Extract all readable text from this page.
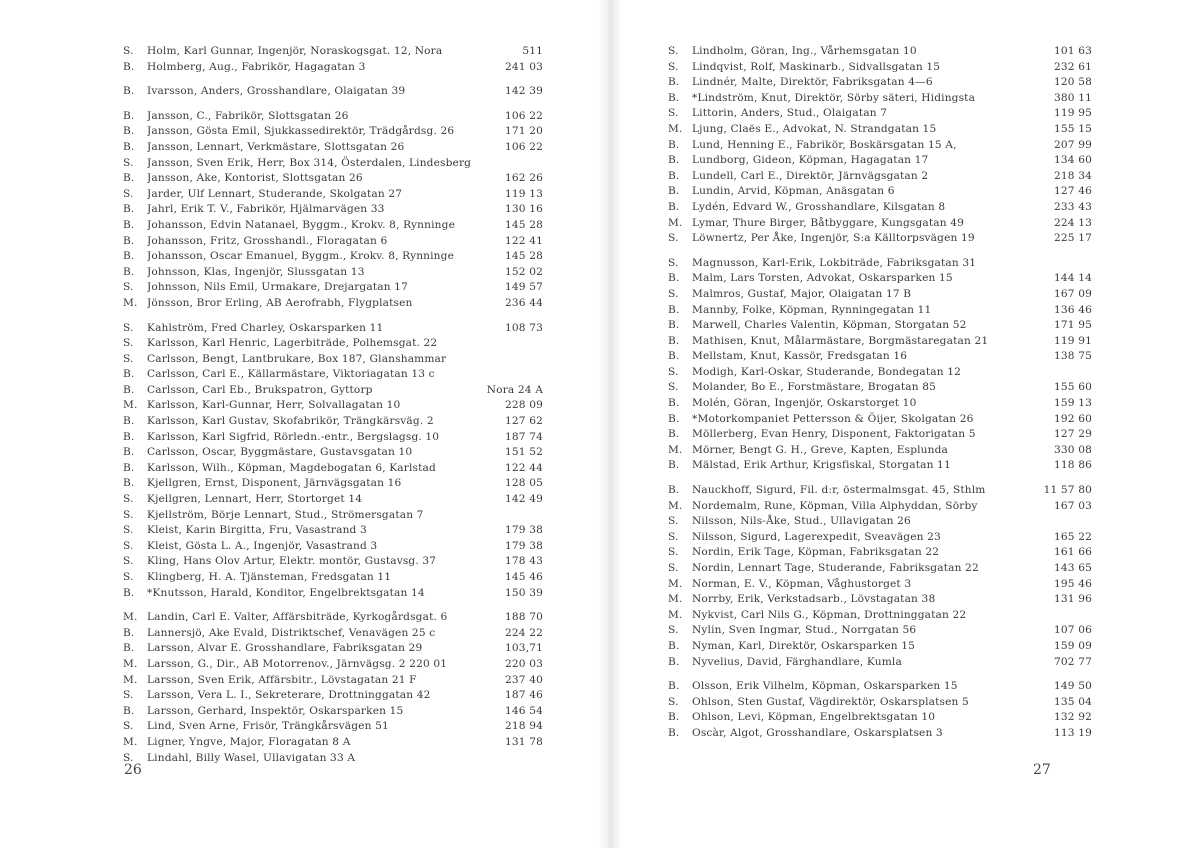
S.	Holm, Karl Gunnar, Ingenjör, Noraskogsgat. 12, Nora	511
B.	Holmberg, Aug., Fabrikör, Hagagatan 3	241 03
B.	Ivarsson, Anders, Grosshandlare, Olaigatan 39	142 39
B.	Jansson, C., Fabrikör, Slottsgatan 26	106 22
B.	Jansson, Gösta Emil, Sjukkassedirektör, Trädgårdsg. 26	171 20
B.	Jansson, Lennart, Verkmästare, Slottsgatan 26	106 22
S.	Jansson, Sven Erik, Herr, Box 314, Österdalen, Lindesberg
B.	Jansson, Ake, Kontorist, Slottsgatan 26	162 26
S.	Jarder, Ulf Lennart, Studerande, Skolgatan 27	119 13
B.	Jahrl, Erik T. V., Fabrikör, Hjälmarvägen 33	130 16
B.	Johansson, Edvin Natanael, Byggm., Krokv. 8, Rynninge	145 28
B.	Johansson, Fritz, Grosshandl., Floragatan 6	122 41
B.	Johansson, Oscar Emanuel, Byggm., Krokv. 8, Rynninge	145 28
B.	Johnsson, Klas, Ingenjör, Slussgatan 13	152 02
S.	Johnsson, Nils Emil, Urmakare, Drejargatan 17	149 57
M. Jönsson, Bror Erling, AB Aerofrabh, Flygplatsen	236 44
S.	Kahlström, Fred Charley, Oskarsparken 11	108 73
S.	Karlsson, Karl Henric, Lagerbiträde, Polhemsgat. 22
S.	Carlsson, Bengt, Lantbrukare, Box 187, Glanshammar
B.	Carlsson, Carl E., Källarmästare, Viktoriagatan 13 c
B.	Carlsson, Carl Eb., Brukspatron, Gyttorp	Nora 24 A
M. Karlsson, Karl-Gunnar, Herr, Solvallagatan 10	228 09
B.	Karlsson, Karl Gustav, Skofabrikör, Trängkärsväg. 2	127 62
B.	Karlsson, Karl Sigfrid, Rörledn.-entr., Bergslagsg. 10	187 74
B.	Carlsson, Oscar, Byggmästare, Gustavsgatan 10	151 52
B.	Karlsson, Wilh., Köpman, Magdebogatan 6, Karlstad	122 44
B.	Kjellgren, Ernst, Disponent, Järnvägsgatan 16	128 05
S.	Kjellgren, Lennart, Herr, Stortorget 14	142 49
S.	Kjellström, Börje Lennart, Stud., Strömersgatan 7
S.	Kleist, Karin Birgitta, Fru, Vasastrand 3	179 38
S.	Kleist, Gösta L. A., Ingenjör, Vasastrand 3	179 38
S.	Kling, Hans Olov Artur, Elektr. montör, Gustavsg. 37	178 43
S.	Klingberg, H. A. Tjänsteman, Fredsgatan 11	145 46
B.	*Knutsson, Harald, Konditor, Engelbrektsgatan 14	150 39
M. Landin, Carl E. Valter, Affärsbiträde, Kyrkogårdsgat. 6	188 70
B.	Lannersjö, Ake Evald, Distriktschef, Venavägen 25 c	224 22
B.	Larsson, Alvar E. Grosshandlare, Fabriksgatan 29	103,71
M. Larsson, G., Dir., AB Motorrenov., Järnvägsg. 2 220 01	220 03
M. Larsson, Sven Erik, Affärsbitr., Lövstagatan 21 F	237 40
S.	Larsson, Vera L. I., Sekreterare, Drottninggatan 42	187 46
B.	Larsson, Gerhard, Inspektör, Oskarsparken 15	146 54
S.	Lind, Sven Arne, Frisör, Trängkårsvägen 51	218 94
M. Ligner, Yngve, Major, Floragatan 8 A	131 78
S.	Lindahl, Billy Wasel, Ullavigatan 33 A
26
S.	Lindholm, Göran, Ing., Vårhemsgatan 10	101 63
S.	Lindqvist, Rolf, Maskinarb., Sidvallsgatan 15	232 61
B.	Lindnér, Malte, Direktör, Fabriksgatan 4—6	120 58
B.	*Lindström, Knut, Direktör, Sörby säteri, Hidingsta	380 11
S.	Littorin, Anders, Stud., Olaigatan 7	119 95
M. Ljung, Claës E., Advokat, N. Strandgatan 15	155 15
B.	Lund, Henning E., Fabrikör, Boskärsgatan 15 A,	207 99
B.	Lundborg, Gideon, Köpman, Hagagatan 17	134 60
B.	Lundell, Carl E., Direktör, Järnvägsgatan 2	218 34
B.	Lundin, Arvid, Köpman, Anäsgatan 6	127 46
B.	Lydén, Edvard W., Grosshandlare, Kilsgatan 8	233 43
M. Lymar, Thure Birger, Båtbyggare, Kungsgatan 49	224 13
S.	Löwnertz, Per Åke, Ingenjör, S:a Källtorpsvägen 19	225 17
S.	Magnusson, Karl-Erik, Lokbiträde, Fabriksgatan 31
B.	Malm, Lars Torsten, Advokat, Oskarsparken 15	144 14
S.	Malmros, Gustaf, Major, Olaigatan 17 B	167 09
B.	Mannby, Folke, Köpman, Rynningegatan 11	136 46
B.	Marwell, Charles Valentin, Köpman, Storgatan 52	171 95
B.	Mathisen, Knut, Målarmästare, Borgmästaregatan 21	119 91
B.	Mellstam, Knut, Kassör, Fredsgatan 16	138 75
S.	Modigh, Karl-Oskar, Studerande, Bondegatan 12
S.	Molander, Bo E., Forstmästare, Brogatan 85	155 60
B.	Molén, Göran, Ingenjör, Oskarstorget 10	159 13
B.	*Motorkompaniet Pettersson & Öijer, Skolgatan 26	192 60
B.	Möllerberg, Evan Henry, Disponent, Faktorigatan 5	127 29
M. Mörner, Bengt G. H., Greve, Kapten, Esplunda	330 08
B.	Mälstad, Erik Arthur, Krigsfiskal, Storgatan 11	118 86
B.	Nauckhoff, Sigurd, Fil. d:r, östermalmsgat. 45, Sthlm	11 57 80
M. Nordemalm, Rune, Köpman, Villa Alphyddan, Sörby	167 03
S.	Nilsson, Nils-Åke, Stud., Ullavigatan 26
S.	Nilsson, Sigurd, Lagerexpedit, Sveavägen 23	165 22
S.	Nordin, Erik Tage, Köpman, Fabriksgatan 22	161 66
S.	Nordin, Lennart Tage, Studerande, Fabriksgatan 22	143 65
M. Norman, E. V., Köpman, Våghustorget 3	195 46
M. Norrby, Erik, Verkstadsarb., Lövstagatan 38	131 96
M. Nykvist, Carl Nils G., Köpman, Drottninggatan 22
S.	Nylin, Sven Ingmar, Stud., Norrgatan 56	107 06
B.	Nyman, Karl, Direktör, Oskarsparken 15	159 09
B.	Nyvelius, David, Färghandlare, Kumla	702 77
B.	Olsson, Erik Vilhelm, Köpman, Oskarsparken 15	149 50
S.	Ohlson, Sten Gustaf, Vägdirektör, Oskarsplatsen 5	135 04
B.	Ohlson, Levi, Köpman, Engelbrektsgatan 10	132 92
B.	Oscàr, Algot, Grosshandlare, Oskarsplatsen 3	113 19
27
